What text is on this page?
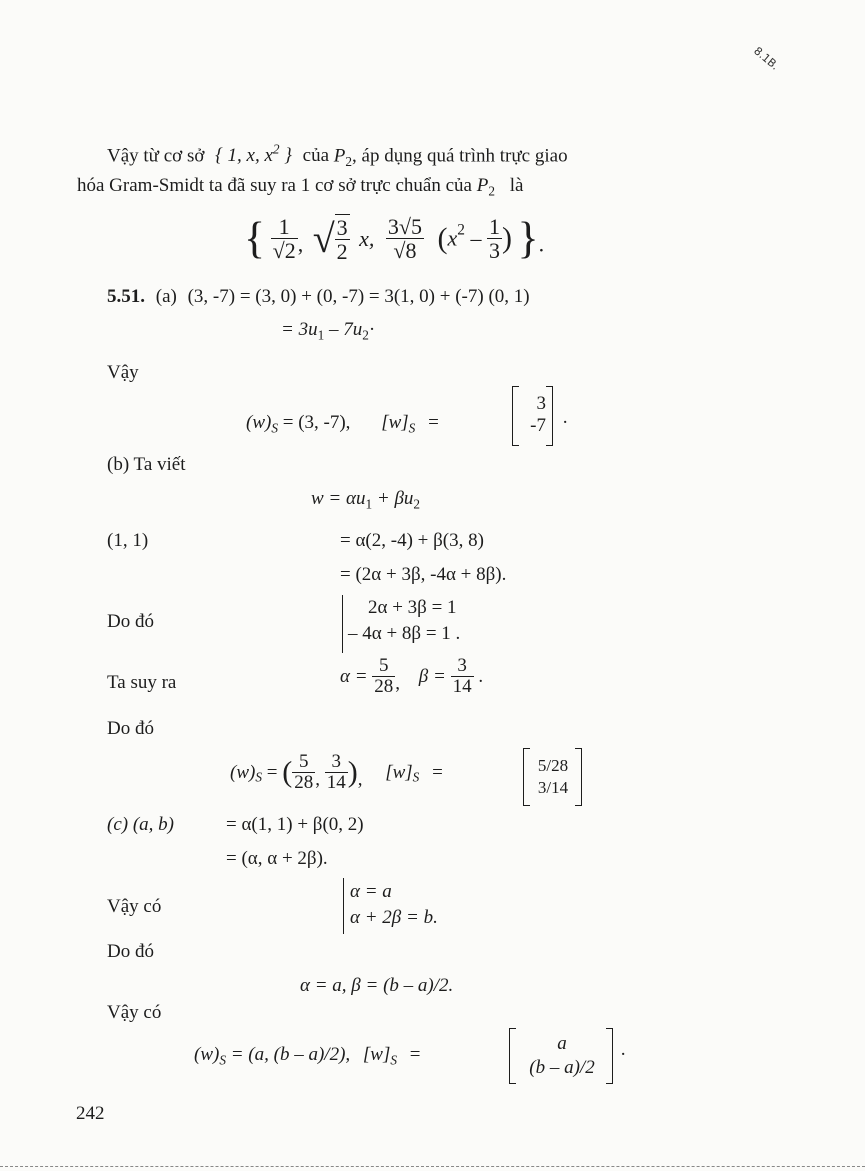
8.1B.
Vậy từ cơ sở { 1, x, $x^2$ } của $P_2$, áp dụng quá trình trực giao
hóa Gram-Smidt ta đã suy ra 1 cơ sở trực chuẩn của $P_2$ là
{ $\frac{1}{√2}$ , √ $\frac{3}{2} x$, $\frac{3√5}{√8} (x^2 - \frac{1}{3}$ ) }.
5.51. (a) (3, -7) = (3, 0) + (0, -7) = 3(1, 0) + (-7) (0, 1)
= $3u_1 - 7u_2\cdot$
Vậy
$(w)_S = (3$, -7), $[w]_S$ =
3
-7 ·
(b) Ta viết
$w = \alpha u_1 + \beta u_2$
(1, 1)	= α(2, -4) + β(3, 8)
= (2α + 3β, -4α + 8β).
Do đó
2α + 3β = 1
– 4α + 8β = 1 .
Ta suy ra	$\alpha = \frac{5}{28}$ , $\beta = \frac{3}{14}$ .
Do đó
$(w)_S$ = ( $\frac{5}{28}$ , $\frac{3}{14}$ ), $[w]_S$ =	5/28
3/14
(c) (a, b)	= α(1, 1) + β(0, 2)
= (α, α + 2β).
Vậy có
α = a
α + 2β = b.
Do đó
α = a, β = (b – a)/2.
Vậy có
$(w)_S = (a$, (b – a)/2), $[w]_S$ =
a
(b – a)/2
·
242
